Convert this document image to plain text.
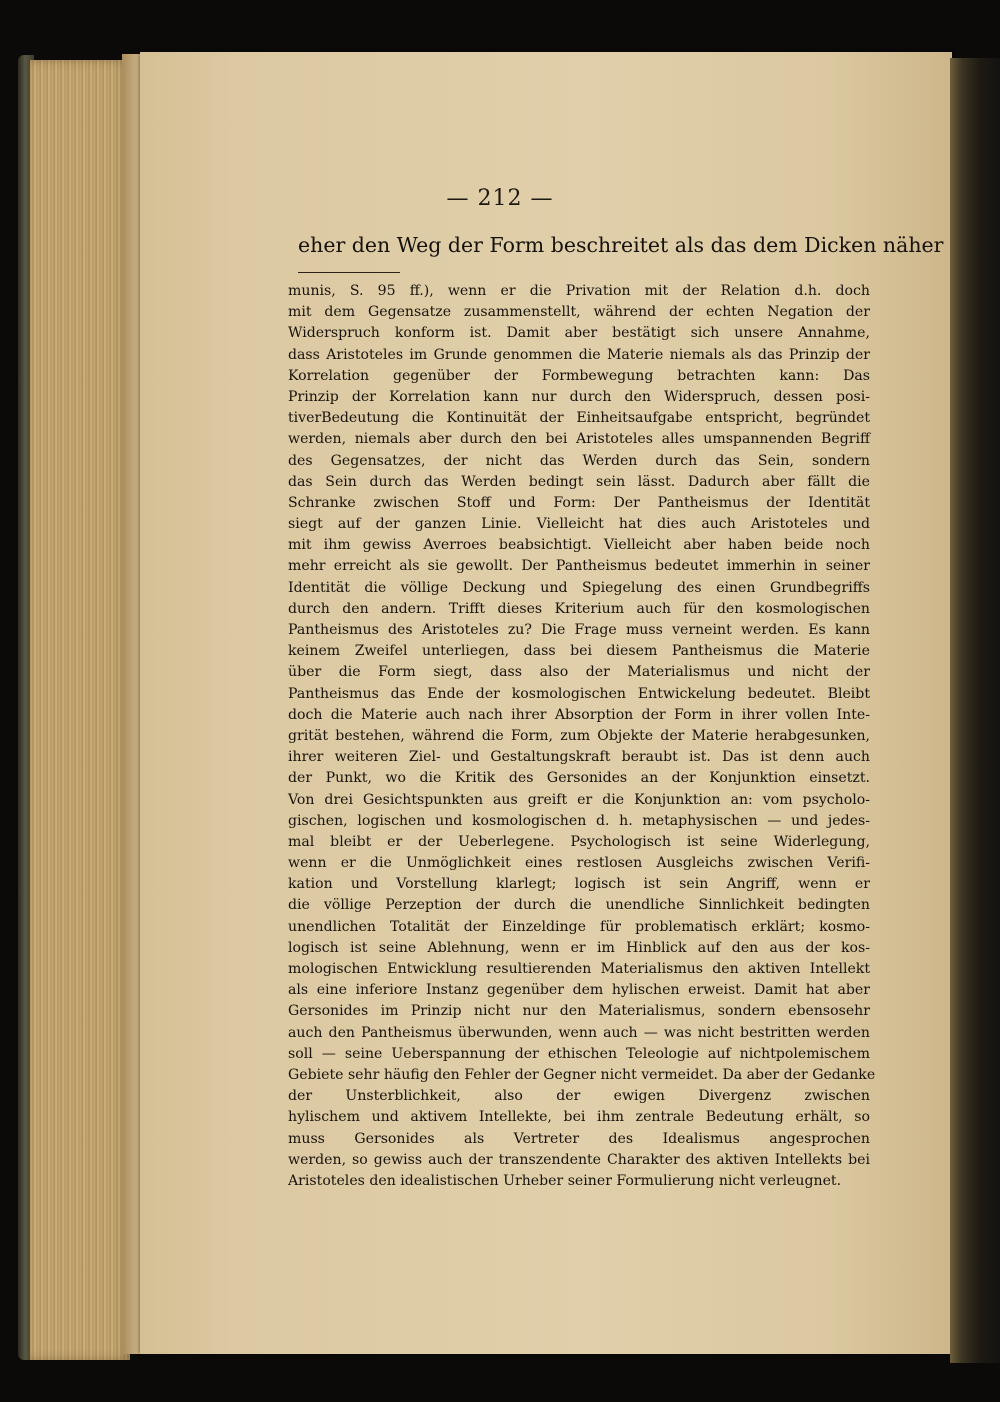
— 212 —
eher den Weg der Form beschreitet als das dem Dicken näher
munis, S. 95 ff.), wenn er die Privation mit der Relation d.h. doch
mit dem Gegensatze zusammenstellt, während der echten Negation der
Widerspruch konform ist. Damit aber bestätigt sich unsere Annahme,
dass Aristoteles im Grunde genommen die Materie niemals als das Prinzip der
Korrelation gegenüber der Formbewegung betrachten kann: Das
Prinzip der Korrelation kann nur durch den Widerspruch, dessen posi-
tiverBedeutung die Kontinuität der Einheitsaufgabe entspricht, begründet
werden, niemals aber durch den bei Aristoteles alles umspannenden Begriff
des Gegensatzes, der nicht das Werden durch das Sein, sondern
das Sein durch das Werden bedingt sein lässt. Dadurch aber fällt die
Schranke zwischen Stoff und Form: Der Pantheismus der Identität
siegt auf der ganzen Linie. Vielleicht hat dies auch Aristoteles und
mit ihm gewiss Averroes beabsichtigt. Vielleicht aber haben beide noch
mehr erreicht als sie gewollt. Der Pantheismus bedeutet immerhin in seiner
Identität die völlige Deckung und Spiegelung des einen Grundbegriffs
durch den andern. Trifft dieses Kriterium auch für den kosmologischen
Pantheismus des Aristoteles zu? Die Frage muss verneint werden. Es kann
keinem Zweifel unterliegen, dass bei diesem Pantheismus die Materie
über die Form siegt, dass also der Materialismus und nicht der
Pantheismus das Ende der kosmologischen Entwickelung bedeutet. Bleibt
doch die Materie auch nach ihrer Absorption der Form in ihrer vollen Inte-
grität bestehen, während die Form, zum Objekte der Materie herabgesunken,
ihrer weiteren Ziel- und Gestaltungskraft beraubt ist. Das ist denn auch
der Punkt, wo die Kritik des Gersonides an der Konjunktion einsetzt.
Von drei Gesichtspunkten aus greift er die Konjunktion an: vom psycholo-
gischen, logischen und kosmologischen d. h. metaphysischen — und jedes-
mal bleibt er der Ueberlegene. Psychologisch ist seine Widerlegung,
wenn er die Unmöglichkeit eines restlosen Ausgleichs zwischen Verifi-
kation und Vorstellung klarlegt; logisch ist sein Angriff, wenn er
die völlige Perzeption der durch die unendliche Sinnlichkeit bedingten
unendlichen Totalität der Einzeldinge für problematisch erklärt; kosmo-
logisch ist seine Ablehnung, wenn er im Hinblick auf den aus der kos-
mologischen Entwicklung resultierenden Materialismus den aktiven Intellekt
als eine inferiore Instanz gegenüber dem hylischen erweist. Damit hat aber
Gersonides im Prinzip nicht nur den Materialismus, sondern ebensosehr
auch den Pantheismus überwunden, wenn auch — was nicht bestritten werden
soll — seine Ueberspannung der ethischen Teleologie auf nichtpolemischem
Gebiete sehr häufig den Fehler der Gegner nicht vermeidet. Da aber der Gedanke
der Unsterblichkeit, also der ewigen Divergenz zwischen
hylischem und aktivem Intellekte, bei ihm zentrale Bedeutung erhält, so
muss Gersonides als Vertreter des Idealismus angesprochen
werden, so gewiss auch der transzendente Charakter des aktiven Intellekts bei
Aristoteles den idealistischen Urheber seiner Formulierung nicht verleugnet.
